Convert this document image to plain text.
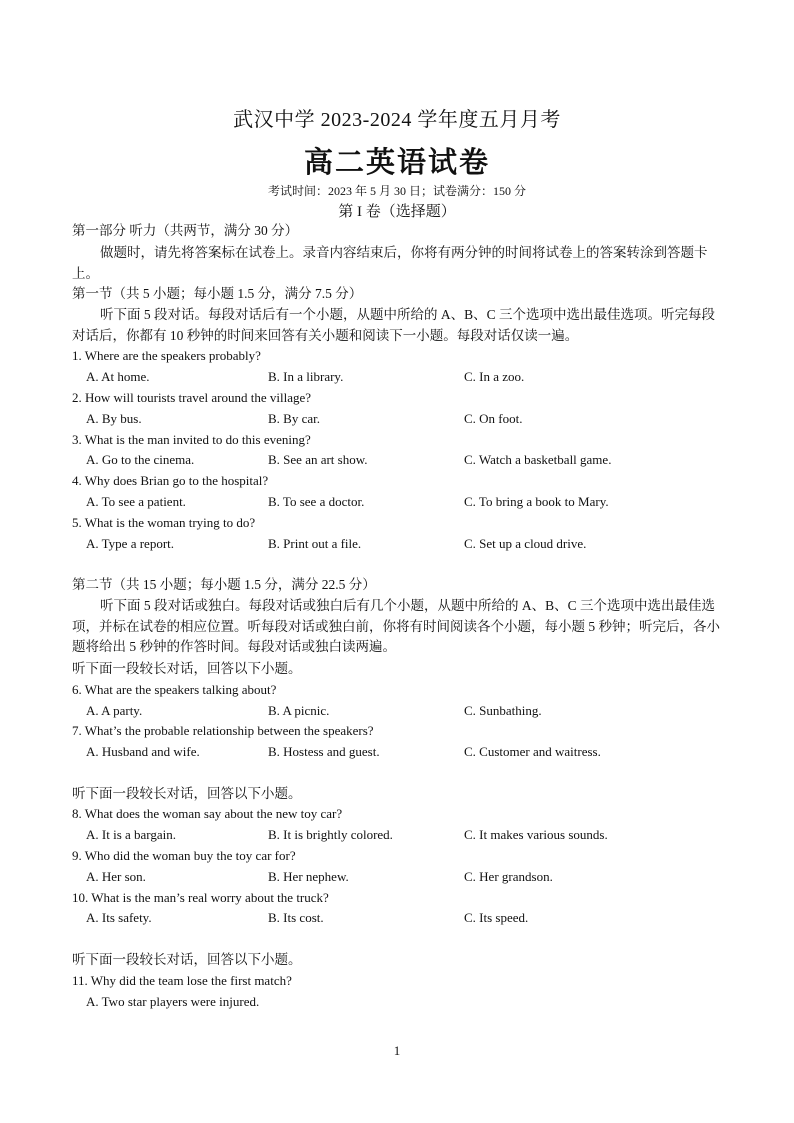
武汉中学 2023-2024 学年度五月月考
高二英语试卷
考试时间：2023 年 5 月 30 日；试卷满分：150 分
第 I 卷（选择题）
第一部分 听力（共两节，满分 30 分）
做题时，请先将答案标在试卷上。录音内容结束后，你将有两分钟的时间将试卷上的答案转涂到答题卡上。
第一节（共 5 小题；每小题 1.5 分，满分 7.5 分）
听下面 5 段对话。每段对话后有一个小题，从题中所给的 A、B、C 三个选项中选出最佳选项。听完每段对话后，你都有 10 秒钟的时间来回答有关小题和阅读下一小题。每段对话仅读一遍。
1. Where are the speakers probably?
A. At home.	B. In a library.	C. In a zoo.
2. How will tourists travel around the village?
A. By bus.	B. By car.	C. On foot.
3. What is the man invited to do this evening?
A. Go to the cinema.	B. See an art show.	C. Watch a basketball game.
4. Why does Brian go to the hospital?
A. To see a patient.	B. To see a doctor.	C. To bring a book to Mary.
5. What is the woman trying to do?
A. Type a report.	B. Print out a file.	C. Set up a cloud drive.
第二节（共 15 小题；每小题 1.5 分，满分 22.5 分）
听下面 5 段对话或独白。每段对话或独白后有几个小题，从题中所给的 A、B、C 三个选项中选出最佳选项，并标在试卷的相应位置。听每段对话或独白前，你将有时间阅读各个小题，每小题 5 秒钟；听完后，各小题将给出 5 秒钟的作答时间。每段对话或独白读两遍。
听下面一段较长对话，回答以下小题。
6. What are the speakers talking about?
A. A party.	B. A picnic.	C. Sunbathing.
7. What’s the probable relationship between the speakers?
A. Husband and wife.	B. Hostess and guest.	C. Customer and waitress.
听下面一段较长对话，回答以下小题。
8. What does the woman say about the new toy car?
A. It is a bargain.	B. It is brightly colored.	C. It makes various sounds.
9. Who did the woman buy the toy car for?
A. Her son.	B. Her nephew.	C. Her grandson.
10. What is the man’s real worry about the truck?
A. Its safety.	B. Its cost.	C. Its speed.
听下面一段较长对话，回答以下小题。
11. Why did the team lose the first match?
A. Two star players were injured.
1
